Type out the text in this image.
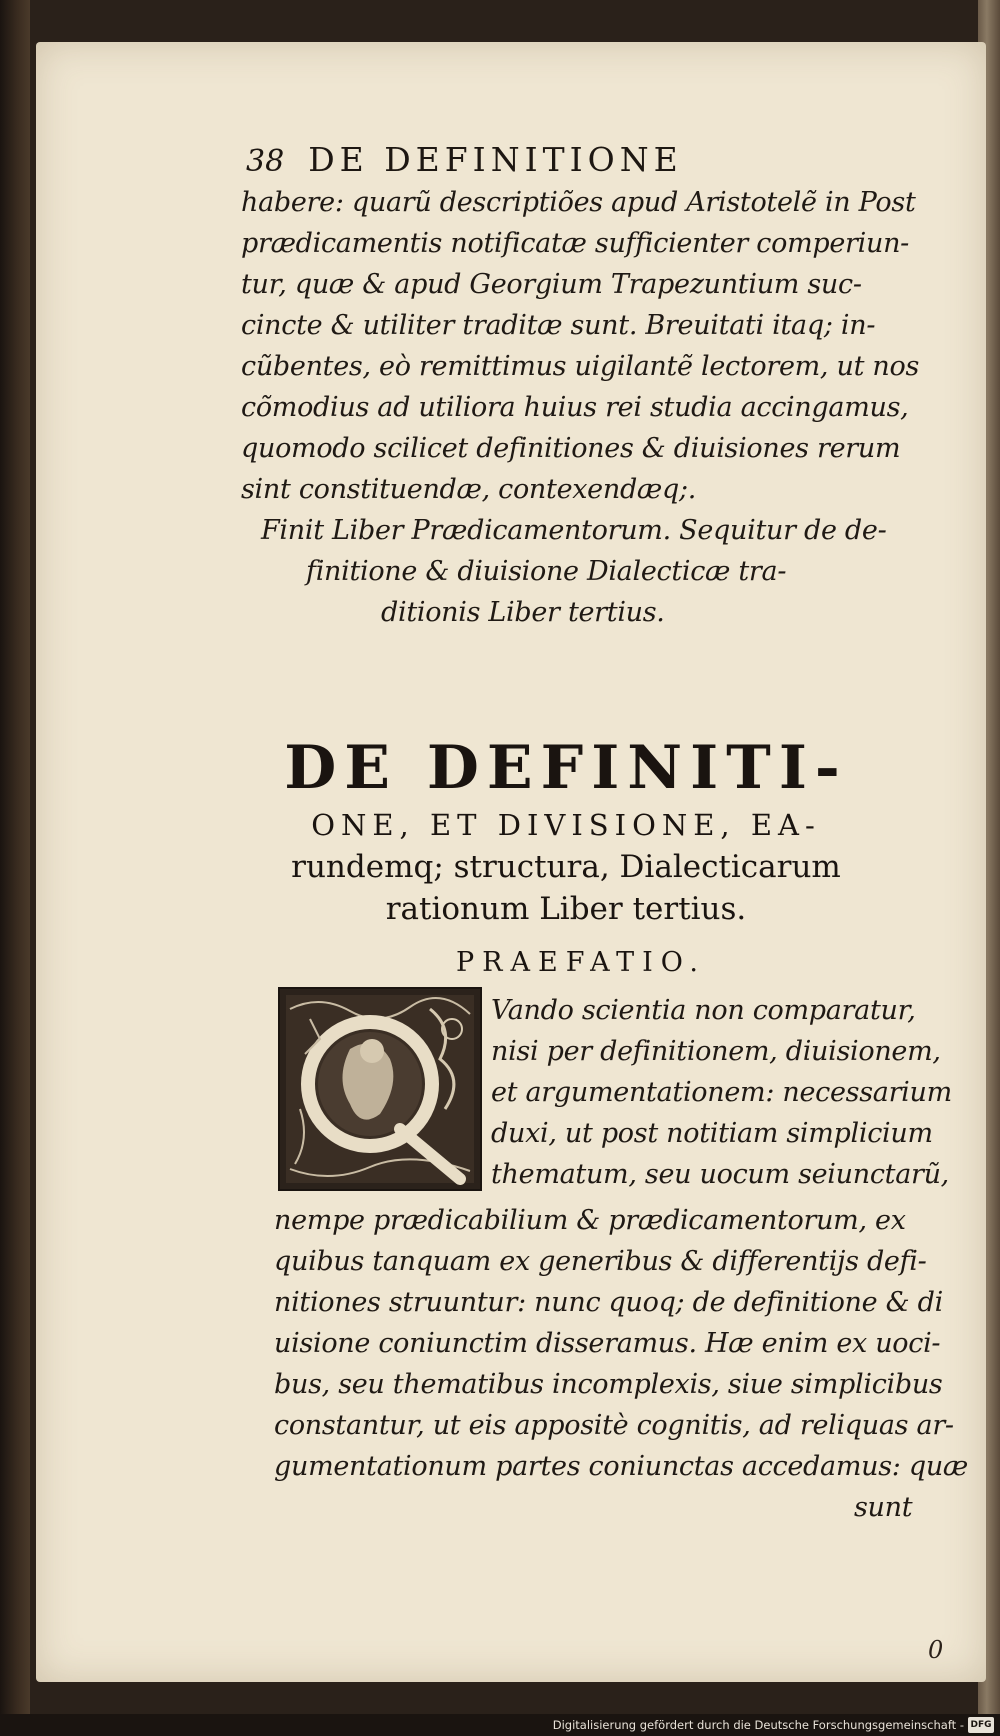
38 DE DEFINITIONE
habere: quarũ descriptiões apud Aristotelẽ in Post
prædicamentis notificatæ sufficienter comperiun-
tur, quæ & apud Georgium Trapezuntium suc-
cincte & utiliter traditæ sunt. Breuitati itaq; in-
cũbentes, eò remittimus uigilantẽ lectorem, ut nos
cõmodius ad utiliora huius rei studia accingamus,
quomodo scilicet definitiones & diuisiones rerum
sint constituendæ, contexendæq;.
Finit Liber Prædicamentorum. Sequitur de de-
finitione & diuisione Dialecticæ tra-
ditionis Liber tertius.
DE DEFINITI-
ONE, ET DIVISIONE, EA-
rundemq; structura, Dialecticarum
rationum Liber tertius.
PRAEFATIO.
Vando scientia non comparatur,
nisi per definitionem, diuisionem,
et argumentationem: necessarium
duxi, ut post notitiam simplicium
thematum, seu uocum seiunctarũ,
nempe prædicabilium & prædicamentorum, ex
quibus tanquam ex generibus & differentijs defi-
nitiones struuntur: nunc quoq; de definitione & di
uisione coniunctim disseramus. Hæ enim ex uoci-
bus, seu thematibus incomplexis, siue simplicibus
constantur, ut eis appositè cognitis, ad reliquas ar-
gumentationum partes coniunctas accedamus: quæ
sunt
0
Digitalisierung gefördert durch die Deutsche Forschungsgemeinschaft - DFG
